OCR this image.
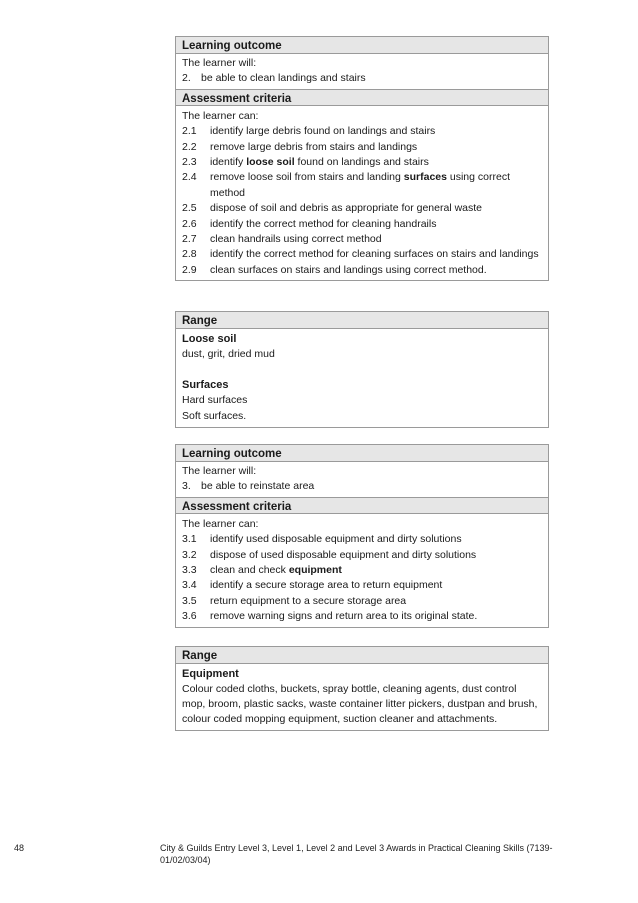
Learning outcome
The learner will:
2. be able to clean landings and stairs
Assessment criteria
The learner can:
2.1	identify large debris found on landings and stairs
2.2	remove large debris from stairs and landings
2.3	identify loose soil found on landings and stairs
2.4	remove loose soil from stairs and landing surfaces using correct method
2.5	dispose of soil and debris as appropriate for general waste
2.6	identify the correct method for cleaning handrails
2.7	clean handrails using correct method
2.8	identify the correct method for cleaning surfaces on stairs and landings
2.9	clean surfaces on stairs and landings using correct method.
Range
Loose soil
dust, grit, dried mud
Surfaces
Hard surfaces
Soft surfaces.
Learning outcome
The learner will:
3. be able to reinstate area
Assessment criteria
The learner can:
3.1	identify used disposable equipment and dirty solutions
3.2	dispose of used disposable equipment and dirty solutions
3.3	clean and check equipment
3.4	identify a secure storage area to return equipment
3.5	return equipment to a secure storage area
3.6	remove warning signs and return area to its original state.
Range
Equipment
Colour coded cloths, buckets, spray bottle, cleaning agents, dust control mop, broom, plastic sacks, waste container litter pickers, dustpan and brush, colour coded mopping equipment, suction cleaner and attachments.
48	City & Guilds Entry Level 3, Level 1, Level 2 and Level 3 Awards in Practical Cleaning Skills (7139-01/02/03/04)
